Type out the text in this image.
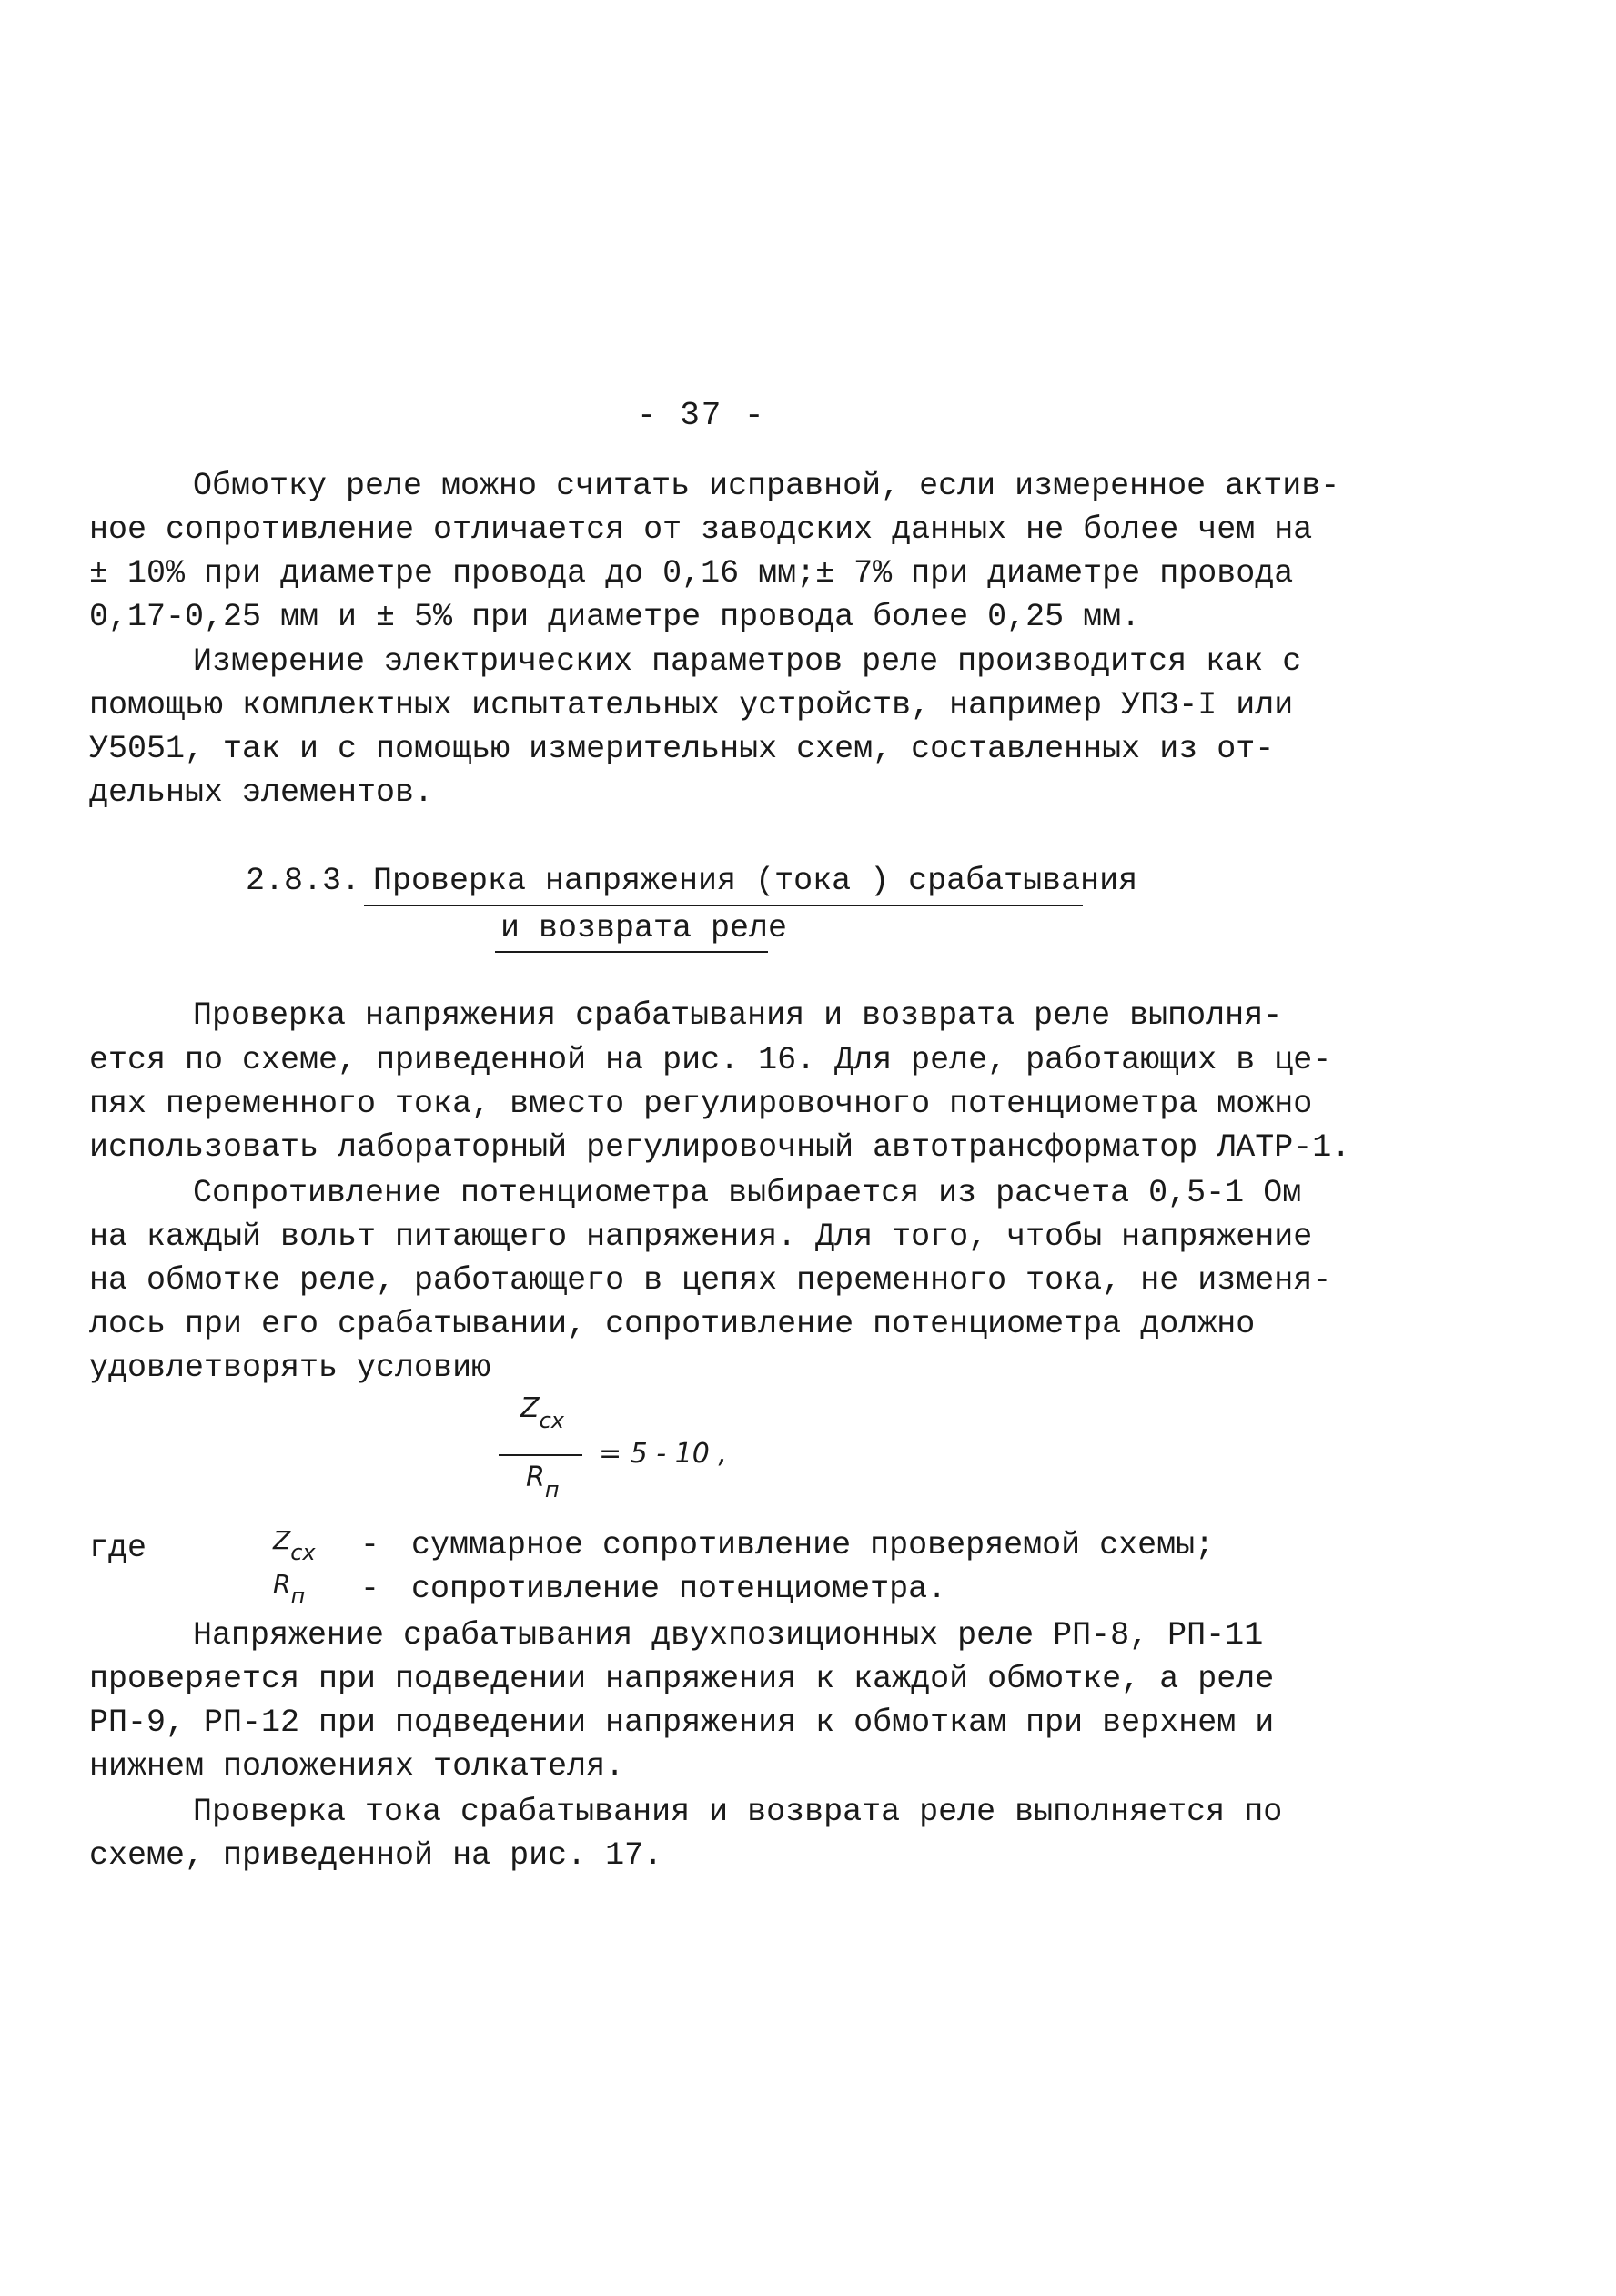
- 37 -
Обмотку реле можно считать исправной, если измеренное актив-
ное сопротивление отличается от заводских данных не более чем на
± 10% при диаметре провода до 0,16 мм;± 7% при диаметре провода
0,17-0,25 мм и ± 5% при диаметре провода более 0,25 мм.
Измерение электрических параметров реле производится как с
помощью комплектных испытательных устройств, например УПЗ-I или
У5051, так и с помощью измерительных схем, составленных из от-
дельных элементов.
2.8.3. Проверка напряжения (тока ) срабатывания
и возврата реле
Проверка напряжения срабатывания и возврата реле выполня-
ется по схеме, приведенной на рис. 16. Для реле, работающих в це-
пях переменного тока, вместо регулировочного потенциометра можно
использовать лабораторный регулировочный автотрансформатор ЛАТР-1.
Сопротивление потенциометра выбирается из расчета 0,5-1 Ом
на каждый вольт питающего напряжения. Для того, чтобы напряжение
на обмотке реле, работающего в цепях переменного тока, не изменя-
лось при его срабатывании, сопротивление потенциометра должно
удовлетворять условию
$Z_{сх}$
$R_п$
= 5 - 10 ,
где	Zсх - суммарное сопротивление проверяемой схемы;
Rп - сопротивление потенциометра.
Напряжение срабатывания двухпозиционных реле РП-8, РП-11
проверяется при подведении напряжения к каждой обмотке, а реле
РП-9, РП-12 при подведении напряжения к обмоткам при верхнем и
нижнем положениях толкателя.
Проверка тока срабатывания и возврата реле выполняется по
схеме, приведенной на рис. 17.
